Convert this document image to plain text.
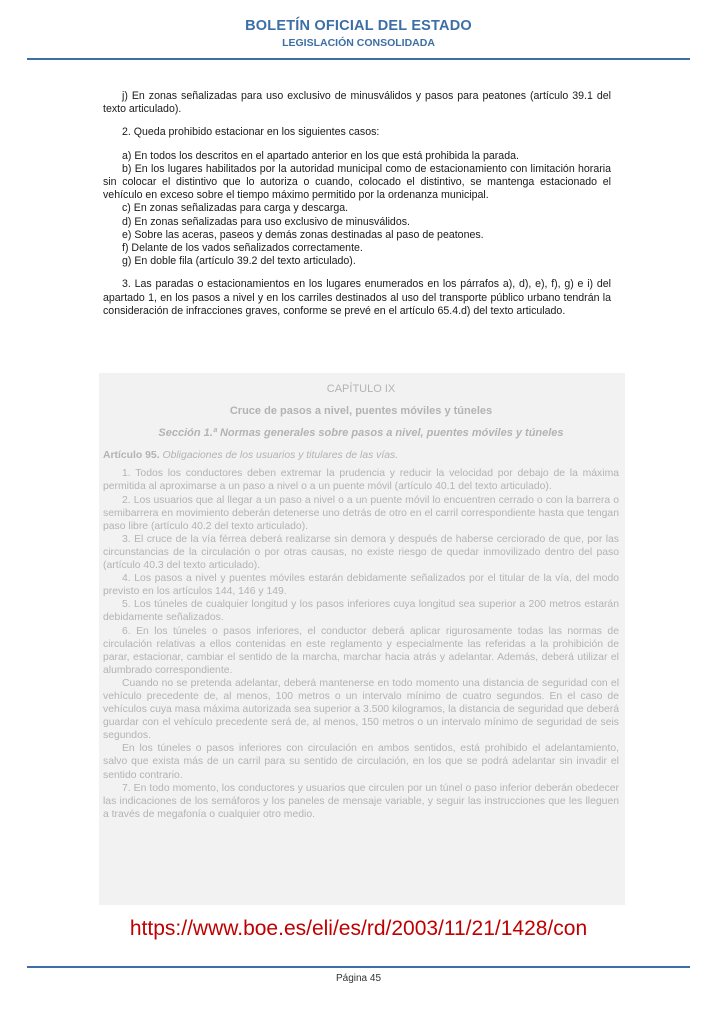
BOLETÍN OFICIAL DEL ESTADO
LEGISLACIÓN CONSOLIDADA

j) En zonas señalizadas para uso exclusivo de minusválidos y pasos para peatones (artículo 39.1 del texto articulado).

2. Queda prohibido estacionar en los siguientes casos:

a) En todos los descritos en el apartado anterior en los que está prohibida la parada.

b) En los lugares habilitados por la autoridad municipal como de estacionamiento con limitación horaria sin colocar el distintivo que lo autoriza o cuando, colocado el distintivo, se mantenga estacionado el vehículo en exceso sobre el tiempo máximo permitido por la ordenanza municipal.

c) En zonas señalizadas para carga y descarga.

d) En zonas señalizadas para uso exclusivo de minusválidos.

e) Sobre las aceras, paseos y demás zonas destinadas al paso de peatones.

f) Delante de los vados señalizados correctamente.

g) En doble fila (artículo 39.2 del texto articulado).

3. Las paradas o estacionamientos en los lugares enumerados en los párrafos a), d), e), f), g) e i) del apartado 1, en los pasos a nivel y en los carriles destinados al uso del transporte público urbano tendrán la consideración de infracciones graves, conforme se prevé en el artículo 65.4.d) del texto articulado.

CAPÍTULO IX

Cruce de pasos a nivel, puentes móviles y túneles

Sección 1.ª Normas generales sobre pasos a nivel, puentes móviles y túneles

Artículo 95. Obligaciones de los usuarios y titulares de las vías.

1. Todos los conductores deben extremar la prudencia y reducir la velocidad por debajo de la máxima permitida al aproximarse a un paso a nivel o a un puente móvil (artículo 40.1 del texto articulado).

2. Los usuarios que al llegar a un paso a nivel o a un puente móvil lo encuentren cerrado o con la barrera o semibarrera en movimiento deberán detenerse uno detrás de otro en el carril correspondiente hasta que tengan paso libre (artículo 40.2 del texto articulado).

3. El cruce de la vía férrea deberá realizarse sin demora y después de haberse cerciorado de que, por las circunstancias de la circulación o por otras causas, no existe riesgo de quedar inmovilizado dentro del paso (artículo 40.3 del texto articulado).

4. Los pasos a nivel y puentes móviles estarán debidamente señalizados por el titular de la vía, del modo previsto en los artículos 144, 146 y 149.

5. Los túneles de cualquier longitud y los pasos inferiores cuya longitud sea superior a 200 metros estarán debidamente señalizados.

6. En los túneles o pasos inferiores, el conductor deberá aplicar rigurosamente todas las normas de circulación relativas a ellos contenidas en este reglamento y especialmente las referidas a la prohibición de parar, estacionar, cambiar el sentido de la marcha, marchar hacia atrás y adelantar. Además, deberá utilizar el alumbrado correspondiente.

Cuando no se pretenda adelantar, deberá mantenerse en todo momento una distancia de seguridad con el vehículo precedente de, al menos, 100 metros o un intervalo mínimo de cuatro segundos. En el caso de vehículos cuya masa máxima autorizada sea superior a 3.500 kilogramos, la distancia de seguridad que deberá guardar con el vehículo precedente será de, al menos, 150 metros o un intervalo mínimo de seguridad de seis segundos.

En los túneles o pasos inferiores con circulación en ambos sentidos, está prohibido el adelantamiento, salvo que exista más de un carril para su sentido de circulación, en los que se podrá adelantar sin invadir el sentido contrario.

7. En todo momento, los conductores y usuarios que circulen por un túnel o paso inferior deberán obedecer las indicaciones de los semáforos y los paneles de mensaje variable, y seguir las instrucciones que les lleguen a través de megafonía o cualquier otro medio.

https://www.boe.es/eli/es/rd/2003/11/21/1428/con
Página 45
